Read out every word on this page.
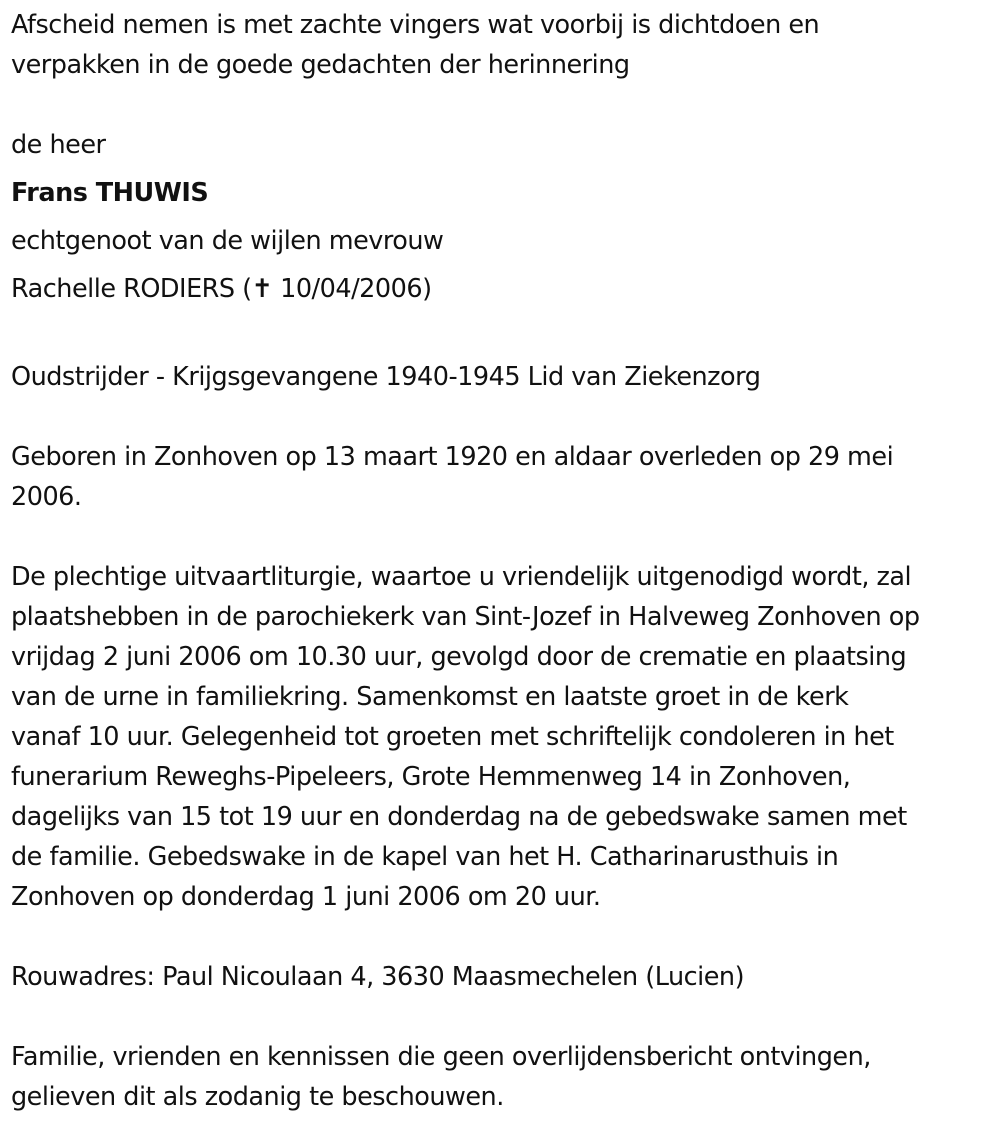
Afscheid nemen is met zachte vingers wat voorbij is dichtdoen en
verpakken in de goede gedachten der herinnering
de heer
Frans THUWIS
echtgenoot van de wijlen mevrouw
Rachelle RODIERS (✝ 10/04/2006)
Oudstrijder - Krijgsgevangene 1940-1945 Lid van Ziekenzorg
Geboren in Zonhoven op 13 maart 1920 en aldaar overleden op 29 mei
2006.
De plechtige uitvaartliturgie, waartoe u vriendelijk uitgenodigd wordt, zal
plaatshebben in de parochiekerk van Sint-Jozef in Halveweg Zonhoven op
vrijdag 2 juni 2006 om 10.30 uur, gevolgd door de crematie en plaatsing
van de urne in familiekring. Samenkomst en laatste groet in de kerk
vanaf 10 uur. Gelegenheid tot groeten met schriftelijk condoleren in het
funerarium Reweghs-Pipeleers, Grote Hemmenweg 14 in Zonhoven,
dagelijks van 15 tot 19 uur en donderdag na de gebedswake samen met
de familie. Gebedswake in de kapel van het H. Catharinarusthuis in
Zonhoven op donderdag 1 juni 2006 om 20 uur.
Rouwadres: Paul Nicoulaan 4, 3630 Maasmechelen (Lucien)
Familie, vrienden en kennissen die geen overlijdensbericht ontvingen,
gelieven dit als zodanig te beschouwen.
